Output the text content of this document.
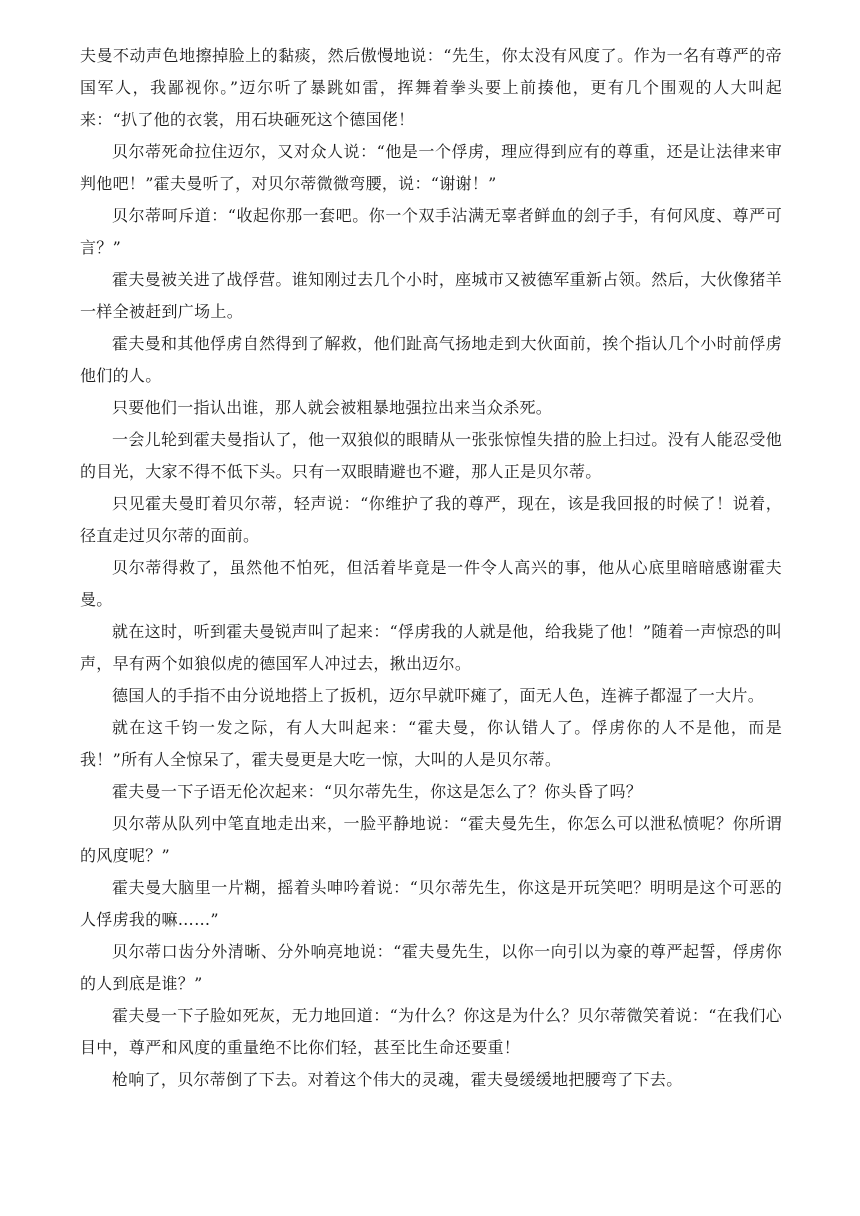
夫曼不动声色地擦掉脸上的黏痰，然后傲慢地说：“先生，你太没有风度了。作为一名有尊严的帝国军人，我鄙视你。”迈尔听了暴跳如雷，挥舞着拳头要上前揍他，更有几个围观的人大叫起来：“扒了他的衣裳，用石块砸死这个德国佬！

贝尔蒂死命拉住迈尔，又对众人说：“他是一个俘虏，理应得到应有的尊重，还是让法律来审判他吧！”霍夫曼听了，对贝尔蒂微微弯腰，说：“谢谢！”

贝尔蒂呵斥道：“收起你那一套吧。你一个双手沾满无辜者鲜血的刽子手，有何风度、尊严可言？”

霍夫曼被关进了战俘营。谁知刚过去几个小时，座城市又被德军重新占领。然后，大伙像猪羊一样全被赶到广场上。

霍夫曼和其他俘虏自然得到了解救，他们趾高气扬地走到大伙面前，挨个指认几个小时前俘虏他们的人。

只要他们一指认出谁，那人就会被粗暴地强拉出来当众杀死。

一会儿轮到霍夫曼指认了，他一双狼似的眼睛从一张张惊惶失措的脸上扫过。没有人能忍受他的目光，大家不得不低下头。只有一双眼睛避也不避，那人正是贝尔蒂。

只见霍夫曼盯着贝尔蒂，轻声说：“你维护了我的尊严，现在，该是我回报的时候了！说着，径直走过贝尔蒂的面前。

贝尔蒂得救了，虽然他不怕死，但活着毕竟是一件令人高兴的事，他从心底里暗暗感谢霍夫曼。

就在这时，听到霍夫曼锐声叫了起来：“俘虏我的人就是他，给我毙了他！”随着一声惊恐的叫声，早有两个如狼似虎的德国军人冲过去，揪出迈尔。

德国人的手指不由分说地搭上了扳机，迈尔早就吓瘫了，面无人色，连裤子都湿了一大片。

就在这千钧一发之际，有人大叫起来：“霍夫曼，你认错人了。俘虏你的人不是他，而是我！”所有人全惊呆了，霍夫曼更是大吃一惊，大叫的人是贝尔蒂。

霍夫曼一下子语无伦次起来：“贝尔蒂先生，你这是怎么了？你头昏了吗？

贝尔蒂从队列中笔直地走出来，一脸平静地说：“霍夫曼先生，你怎么可以泄私愤呢？你所谓的风度呢？”

霍夫曼大脑里一片糊，摇着头呻吟着说：“贝尔蒂先生，你这是开玩笑吧？明明是这个可恶的人俘虏我的嘛……”

贝尔蒂口齿分外清晰、分外响亮地说：“霍夫曼先生，以你一向引以为豪的尊严起誓，俘虏你的人到底是谁？”

霍夫曼一下子脸如死灰，无力地回道：“为什么？你这是为什么？贝尔蒂微笑着说：“在我们心目中，尊严和风度的重量绝不比你们轻，甚至比生命还要重！

枪响了，贝尔蒂倒了下去。对着这个伟大的灵魂，霍夫曼缓缓地把腰弯了下去。
